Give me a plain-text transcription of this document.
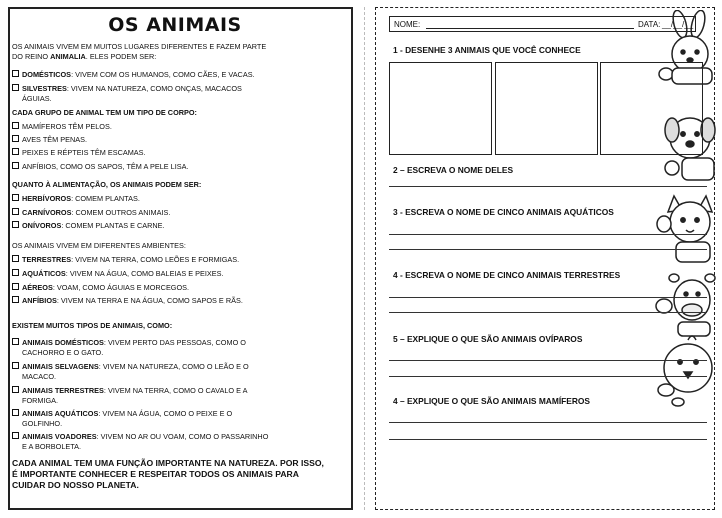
OS ANIMAIS
OS ANIMAIS VIVEM EM MUITOS LUGARES DIFERENTES E FAZEM PARTE
DO REINO ANIMALIA. ELES PODEM SER:
DOMÉSTICOS: VIVEM COM OS HUMANOS, COMO CÃES, E VACAS.
SILVESTRES: VIVEM NA NATUREZA, COMO ONÇAS, MACACOS
ÁGUIAS.
CADA GRUPO DE ANIMAL TEM UM TIPO DE CORPO:
MAMÍFEROS TÊM PELOS.
AVES TÊM PENAS.
PEIXES E RÉPTEIS TÊM ESCAMAS.
ANFÍBIOS, COMO OS SAPOS, TÊM A PELE LISA.
QUANTO À ALIMENTAÇÃO, OS ANIMAIS PODEM SER:
HERBÍVOROS: COMEM PLANTAS.
CARNÍVOROS: COMEM OUTROS ANIMAIS.
ONÍVOROS: COMEM PLANTAS E CARNE.
OS ANIMAIS VIVEM EM DIFERENTES AMBIENTES:
TERRESTRES: VIVEM NA TERRA, COMO LEÕES E FORMIGAS.
AQUÁTICOS: VIVEM NA ÁGUA, COMO BALEIAS E PEIXES.
AÉREOS: VOAM, COMO ÁGUIAS E MORCEGOS.
ANFÍBIOS: VIVEM NA TERRA E NA ÁGUA, COMO SAPOS E RÃS.
EXISTEM MUITOS TIPOS DE ANIMAIS, COMO:
ANIMAIS DOMÉSTICOS: VIVEM PERTO DAS PESSOAS, COMO O
CACHORRO E O GATO.
ANIMAIS SELVAGENS: VIVEM NA NATUREZA, COMO O LEÃO E O
MACACO.
ANIMAIS TERRESTRES: VIVEM NA TERRA, COMO O CAVALO E A
FORMIGA.
ANIMAIS AQUÁTICOS: VIVEM NA ÁGUA, COMO O PEIXE E O
GOLFINHO.
ANIMAIS VOADORES: VIVEM NO AR OU VOAM, COMO O PASSARINHO
E A BORBOLETA.
CADA ANIMAL TEM UMA FUNÇÃO IMPORTANTE NA NATUREZA. POR ISSO, É IMPORTANTE CONHECER E RESPEITAR TODOS OS ANIMAIS PARA CUIDAR DO NOSSO PLANETA.
NOME:	DATA: __/__/__
1 - DESENHE 3 ANIMAIS QUE VOCÊ CONHECE
2 – ESCREVA O NOME DELES
3 - ESCREVA O NOME DE CINCO ANIMAIS AQUÁTICOS
4 - ESCREVA O NOME DE CINCO ANIMAIS TERRESTRES
5 – EXPLIQUE O QUE SÃO ANIMAIS OVÍPAROS
4 – EXPLIQUE O QUE SÃO ANIMAIS MAMÍFEROS
